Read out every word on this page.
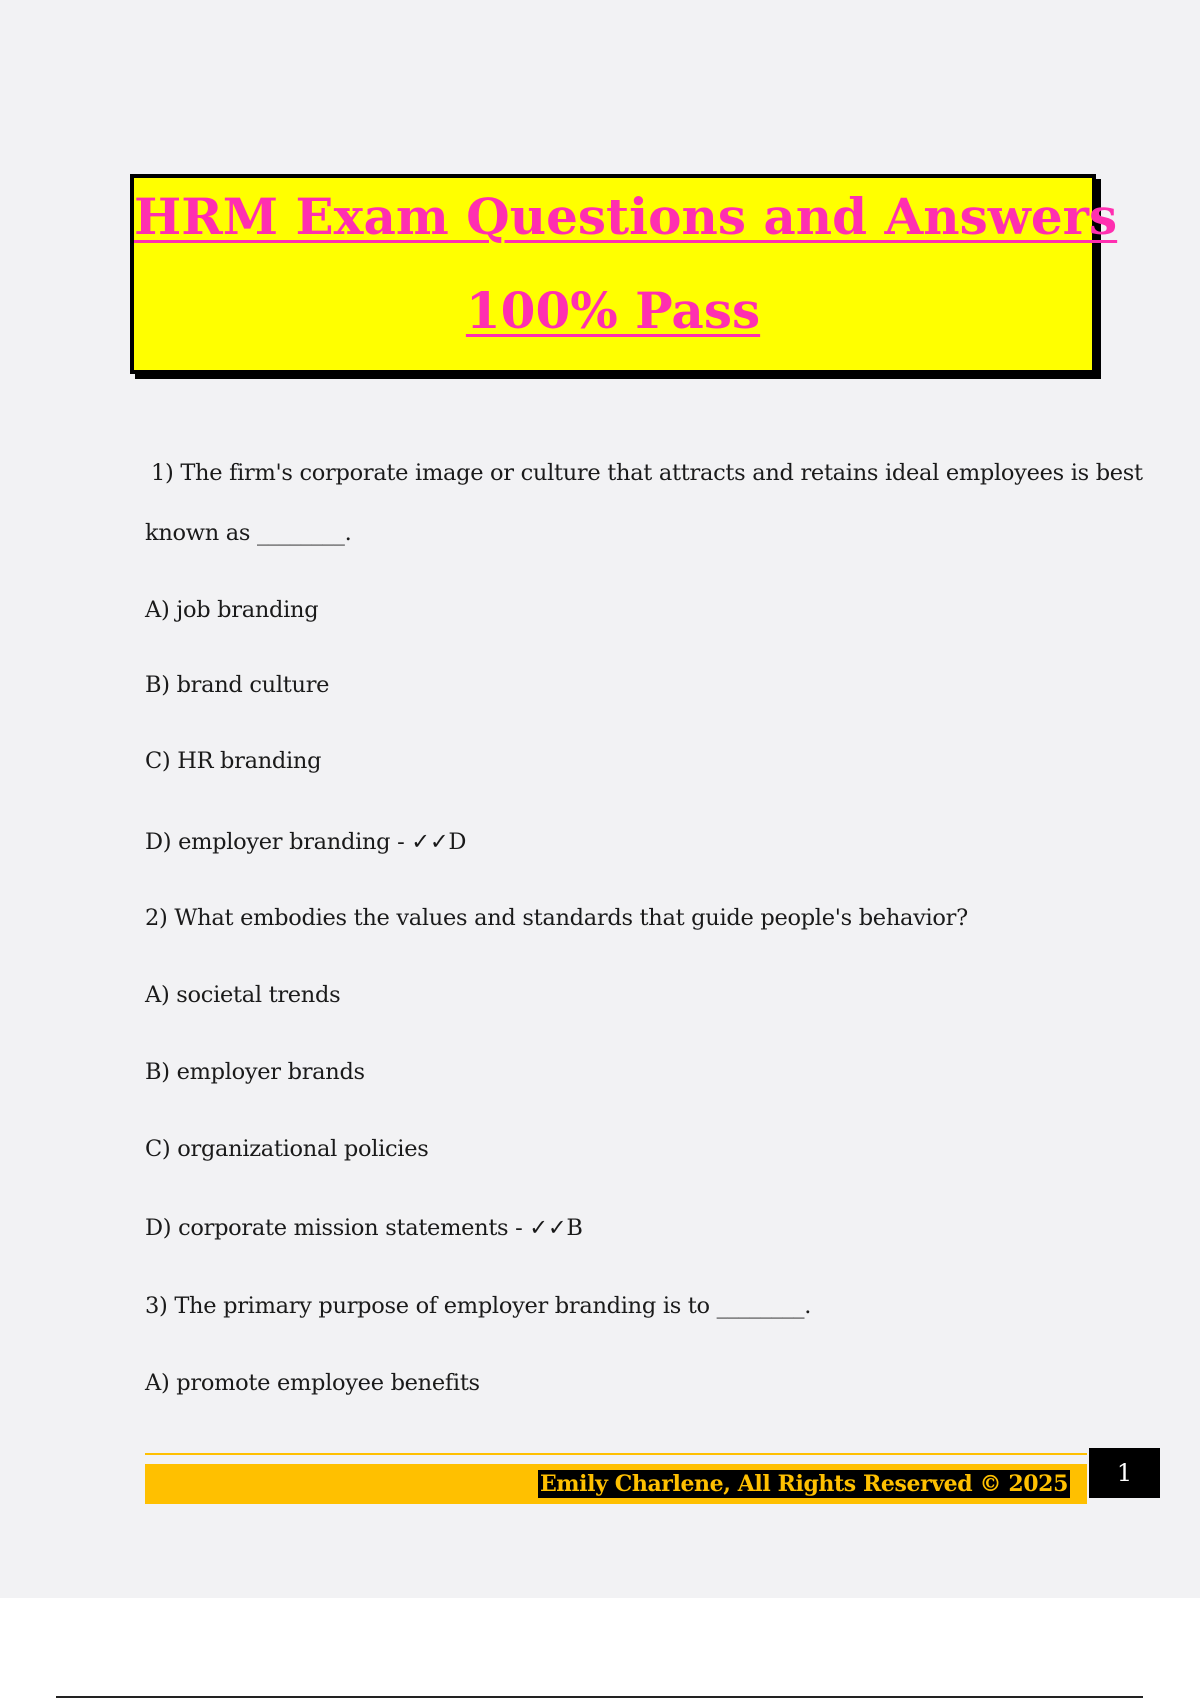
HRM Exam Questions and Answers
100% Pass
1) The firm's corporate image or culture that attracts and retains ideal employees is best
known as ________.
A) job branding
B) brand culture
C) HR branding
D) employer branding - ✓✓D
2) What embodies the values and standards that guide people's behavior?
A) societal trends
B) employer brands
C) organizational policies
D) corporate mission statements - ✓✓B
3) The primary purpose of employer branding is to ________.
A) promote employee benefits
Emily Charlene, All Rights Reserved © 2025	1
